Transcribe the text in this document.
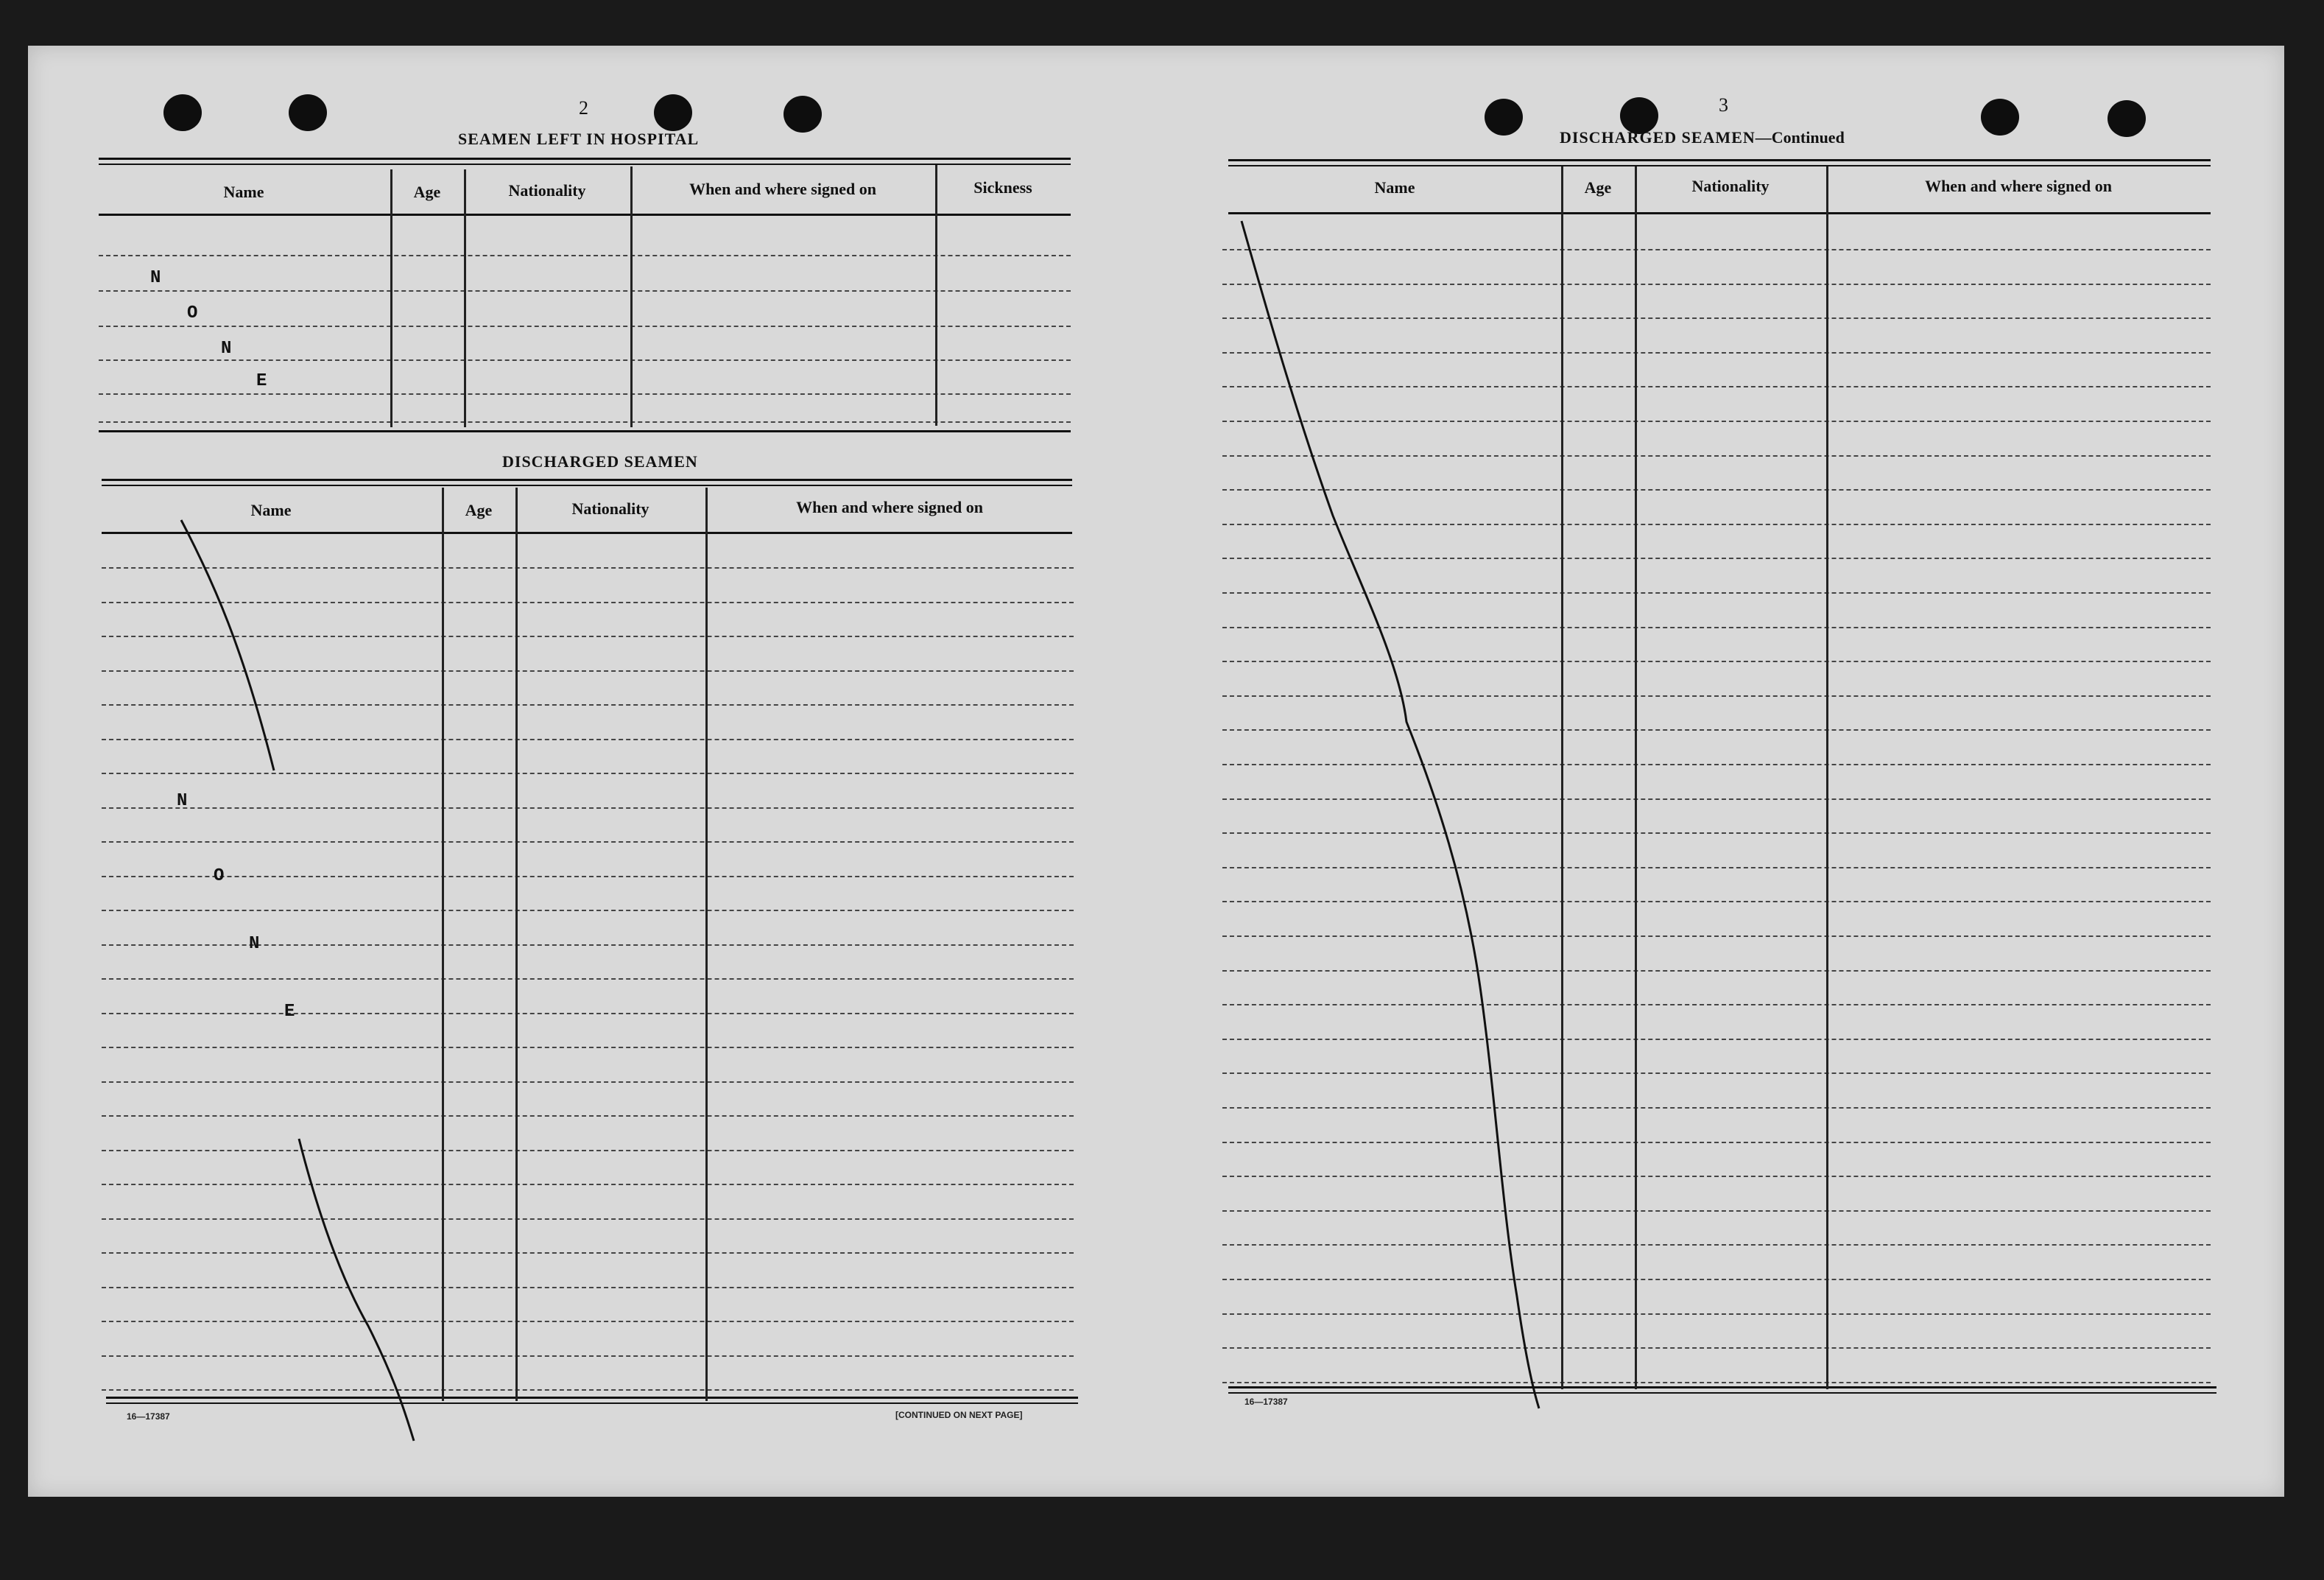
2
SEAMEN LEFT IN HOSPITAL
Name	Age	Nationality	When and where signed on	Sickness
N
O
N
E
DISCHARGED SEAMEN
Name	Age	Nationality	When and where signed on
N
O
N
E
16—17387	[CONTINUED ON NEXT PAGE]
3
DISCHARGED SEAMEN—Continued
Name	Age	Nationality	When and where signed on
16—17387
